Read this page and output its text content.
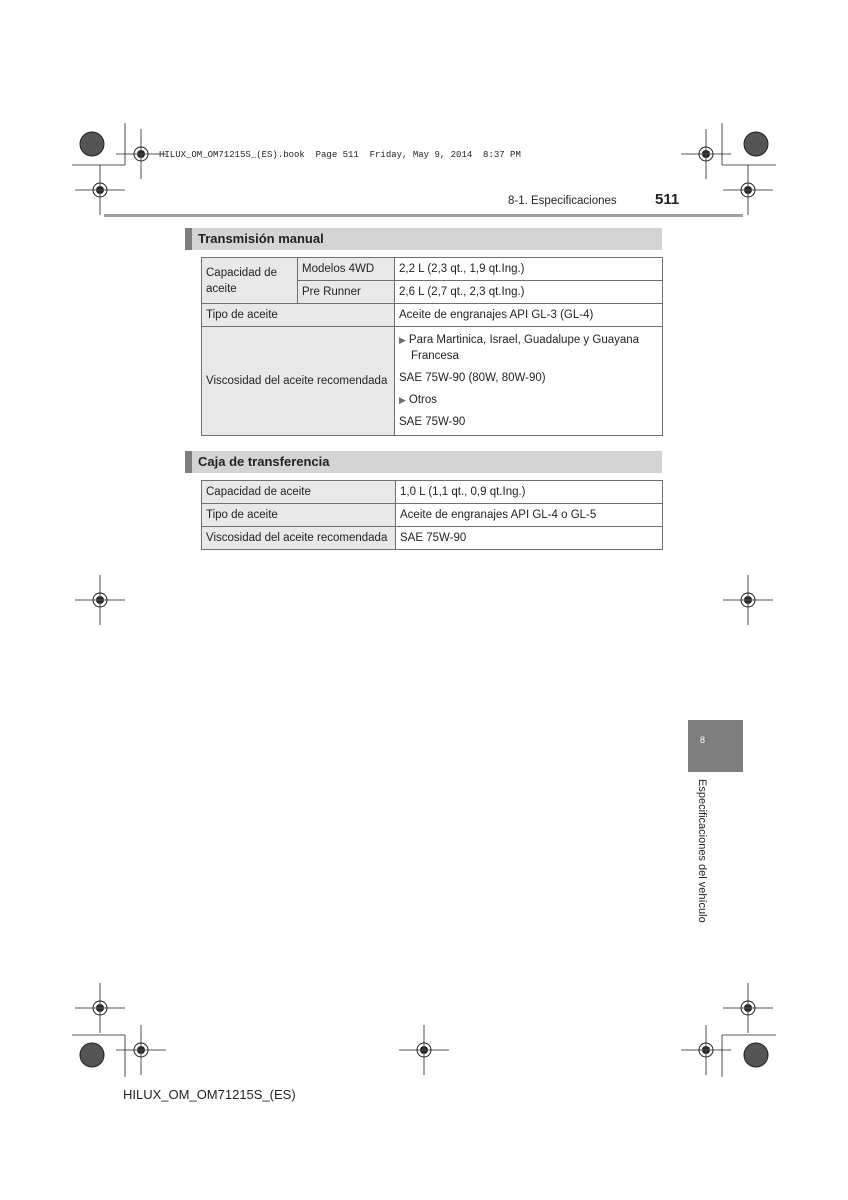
HILUX_OM_OM71215S_(ES).book  Page 511  Friday, May 9, 2014  8:37 PM
8-1. Especificaciones	511
Transmisión manual
Capacidad de aceite	Modelos 4WD	2,2 L (2,3 qt., 1,9 qt.Ing.)
	Pre Runner	2,6 L (2,7 qt., 2,3 qt.Ing.)
Tipo de aceite		Aceite de engranajes API GL-3 (GL-4)
Viscosidad del aceite recomendada		▶ Para Martinica, Israel, Guadalupe y Guayana Francesa
SAE 75W-90 (80W, 80W-90)
▶ Otros
SAE 75W-90
Caja de transferencia
Capacidad de aceite	1,0 L (1,1 qt., 0,9 qt.Ing.)
Tipo de aceite	Aceite de engranajes API GL-4 o GL-5
Viscosidad del aceite recomendada	SAE 75W-90
8
Especificaciones del vehículo
HILUX_OM_OM71215S_(ES)
